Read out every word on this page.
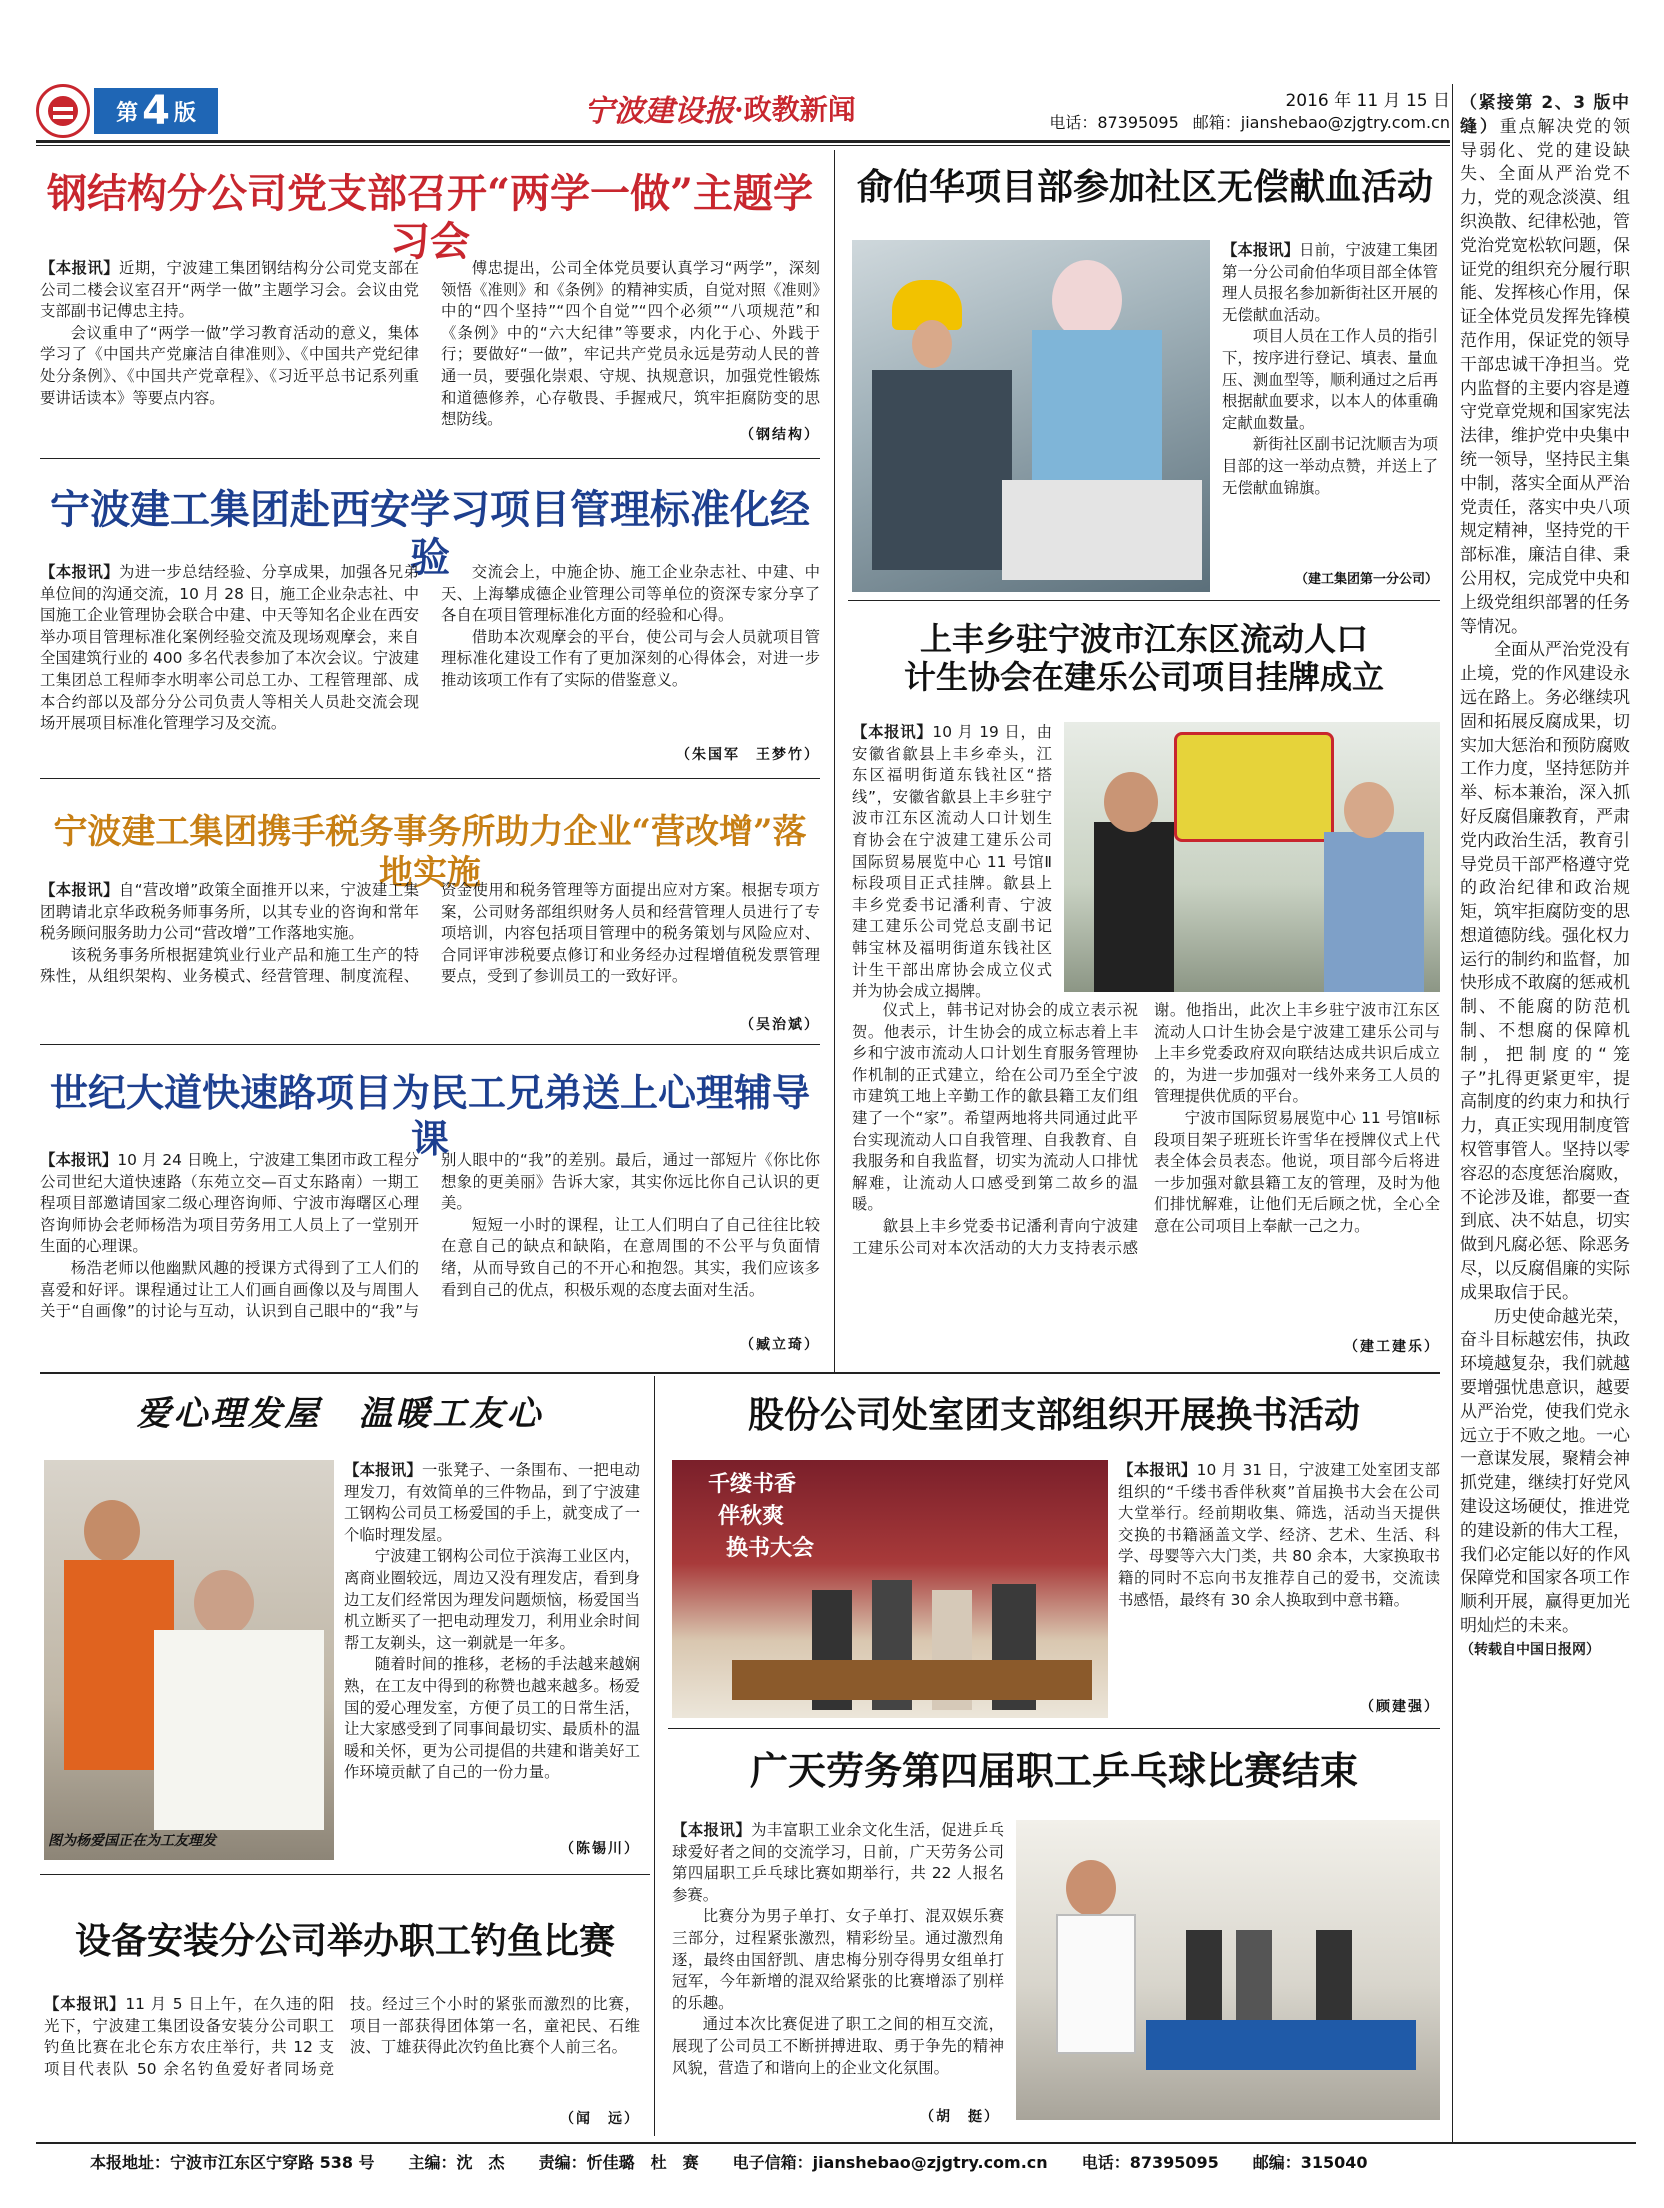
第 4 版	宁波建设报 ·政教新闻	2016 年 11 月 15 日
电话：87395095 邮箱：jianshebao@zjgtry.com.cn
钢结构分公司党支部召开“两学一做”主题学习会

【本报讯】近期，宁波建工集团钢结构分公司党支部在公司二楼会议室召开“两学一做”主题学习会。会议由党支部副书记傅忠主持。

会议重申了“两学一做”学习教育活动的意义，集体学习了《中国共产党廉洁自律准则》、《中国共产党纪律处分条例》、《中国共产党章程》、《习近平总书记系列重要讲话读本》等要点内容。

傅忠提出，公司全体党员要认真学习“两学”，深刻领悟《准则》和《条例》的精神实质，自觉对照《准则》中的“四个坚持”“四个自觉”“四个必须”“八项规范”和《条例》中的“六大纪律”等要求，内化于心、外践于行；要做好“一做”，牢记共产党员永远是劳动人民的普通一员，要强化崇艰、守规、执规意识，加强党性锻炼和道德修养，心存敬畏、手握戒尺，筑牢拒腐防变的思想防线。

（钢结构）
宁波建工集团赴西安学习项目管理标准化经验

【本报讯】为进一步总结经验、分享成果，加强各兄弟单位间的沟通交流，10 月 28 日，施工企业杂志社、中国施工企业管理协会联合中建、中天等知名企业在西安举办项目管理标准化案例经验交流及现场观摩会，来自全国建筑行业的 400 多名代表参加了本次会议。宁波建工集团总工程师李水明率公司总工办、工程管理部、成本合约部以及部分分公司负责人等相关人员赴交流会现场开展项目标准化管理学习及交流。

交流会上，中施企协、施工企业杂志社、中建、中天、上海攀成德企业管理公司等单位的资深专家分享了各自在项目管理标准化方面的经验和心得。

借助本次观摩会的平台，使公司与会人员就项目管理标准化建设工作有了更加深刻的心得体会，对进一步推动该项工作有了实际的借鉴意义。

（朱国军　王梦竹）
宁波建工集团携手税务事务所助力企业“营改增”落地实施

【本报讯】自“营改增”政策全面推开以来，宁波建工集团聘请北京华政税务师事务所，以其专业的咨询和常年税务顾问服务助力公司“营改增”工作落地实施。

该税务事务所根据建筑业行业产品和施工生产的特殊性，从组织架构、业务模式、经营管理、制度流程、资金使用和税务管理等方面提出应对方案。根据专项方案，公司财务部组织财务人员和经营管理人员进行了专项培训，内容包括项目管理中的税务策划与风险应对、合同评审涉税要点修订和业务经办过程增值税发票管理要点，受到了参训员工的一致好评。

（吴治斌）
世纪大道快速路项目为民工兄弟送上心理辅导课

【本报讯】10 月 24 日晚上，宁波建工集团市政工程分公司世纪大道快速路（东苑立交—百丈东路南）一期工程项目部邀请国家二级心理咨询师、宁波市海曙区心理咨询师协会老师杨浩为项目劳务用工人员上了一堂别开生面的心理课。

杨浩老师以他幽默风趣的授课方式得到了工人们的喜爱和好评。课程通过让工人们画自画像以及与周围人关于“自画像”的讨论与互动，认识到自己眼中的“我”与别人眼中的“我”的差别。最后，通过一部短片《你比你想象的更美丽》告诉大家，其实你远比你自己认识的更美。

短短一小时的课程，让工人们明白了自己往往比较在意自己的缺点和缺陷，在意周围的不公平与负面情绪，从而导致自己的不开心和抱怨。其实，我们应该多看到自己的优点，积极乐观的态度去面对生活。

（臧立琦）
俞伯华项目部参加社区无偿献血活动

【本报讯】日前，宁波建工集团第一分公司俞伯华项目部全体管理人员报名参加新街社区开展的无偿献血活动。

项目人员在工作人员的指引下，按序进行登记、填表、量血压、测血型等，顺利通过之后再根据献血要求，以本人的体重确定献血数量。

新街社区副书记沈顺吉为项目部的这一举动点赞，并送上了无偿献血锦旗。

（建工集团第一分公司）
上丰乡驻宁波市江东区流动人口
计生协会在建乐公司项目挂牌成立

【本报讯】10 月 19 日，由安徽省歙县上丰乡牵头，江东区福明街道东钱社区“搭线”，安徽省歙县上丰乡驻宁波市江东区流动人口计划生育协会在宁波建工建乐公司国际贸易展览中心 11 号馆Ⅱ标段项目正式挂牌。歙县上丰乡党委书记潘利青、宁波建工建乐公司党总支副书记韩宝林及福明街道东钱社区计生干部出席协会成立仪式并为协会成立揭牌。

仪式上，韩书记对协会的成立表示祝贺。他表示，计生协会的成立标志着上丰乡和宁波市流动人口计划生育服务管理协作机制的正式建立，给在公司乃至全宁波市建筑工地上辛勤工作的歙县籍工友们组建了一个“家”。希望两地将共同通过此平台实现流动人口自我管理、自我教育、自我服务和自我监督，切实为流动人口排忧解难，让流动人口感受到第二故乡的温暖。

歙县上丰乡党委书记潘利青向宁波建工建乐公司对本次活动的大力支持表示感谢。他指出，此次上丰乡驻宁波市江东区流动人口计生协会是宁波建工建乐公司与上丰乡党委政府双向联结达成共识后成立的，为进一步加强对一线外来务工人员的管理提供优质的平台。

宁波市国际贸易展览中心 11 号馆Ⅱ标段项目架子班班长许雪华在授牌仪式上代表全体会员表态。他说，项目部今后将进一步加强对歙县籍工友的管理，及时为他们排忧解难，让他们无后顾之忧，全心全意在公司项目上奉献一己之力。

（建工建乐）
爱心理发屋　温暖工友心
图为杨爱国正在为工友理发

【本报讯】一张凳子、一条围布、一把电动理发刀，有效简单的三件物品，到了宁波建工钢构公司员工杨爱国的手上，就变成了一个临时理发屋。

宁波建工钢构公司位于滨海工业区内，离商业圈较远，周边又没有理发店，看到身边工友们经常因为理发问题烦恼，杨爱国当机立断买了一把电动理发刀，利用业余时间帮工友剃头，这一剃就是一年多。

随着时间的推移，老杨的手法越来越娴熟，在工友中得到的称赞也越来越多。杨爱国的爱心理发室，方便了员工的日常生活，让大家感受到了同事间最切实、最质朴的温暖和关怀，更为公司提倡的共建和谐美好工作环境贡献了自己的一份力量。

（陈锡川）
设备安装分公司举办职工钓鱼比赛

【本报讯】11 月 5 日上午，在久违的阳光下，宁波建工集团设备安装分公司职工钓鱼比赛在北仑东方农庄举行，共 12 支项目代表队 50 余名钓鱼爱好者同场竞技。经过三个小时的紧张而激烈的比赛，项目一部获得团体第一名，童祀民、石维波、丁雄获得此次钓鱼比赛个人前三名。

（闻　远）
股份公司处室团支部组织开展换书活动
千缕书香
伴秋爽
换书大会

【本报讯】10 月 31 日，宁波建工处室团支部组织的“千缕书香伴秋爽”首届换书大会在公司大堂举行。经前期收集、筛选，活动当天提供交换的书籍涵盖文学、经济、艺术、生活、科学、母婴等六大门类，共 80 余本，大家换取书籍的同时不忘向书友推荐自己的爱书，交流读书感悟，最终有 30 余人换取到中意书籍。

（顾建强）
广天劳务第四届职工乒乓球比赛结束

【本报讯】为丰富职工业余文化生活，促进乒乓球爱好者之间的交流学习，日前，广天劳务公司第四届职工乒乓球比赛如期举行，共 22 人报名参赛。

比赛分为男子单打、女子单打、混双娱乐赛三部分，过程紧张激烈，精彩纷呈。通过激烈角逐，最终由国舒凯、唐忠梅分别夺得男女组单打冠军，今年新增的混双给紧张的比赛增添了别样的乐趣。

通过本次比赛促进了职工之间的相互交流，展现了公司员工不断拼搏进取、勇于争先的精神风貌，营造了和谐向上的企业文化氛围。

（胡　挺）

（紧接第 2、3 版中缝）重点解决党的领导弱化、党的建设缺失、全面从严治党不力，党的观念淡漠、组织涣散、纪律松弛，管党治党宽松软问题，保证党的组织充分履行职能、发挥核心作用，保证全体党员发挥先锋模范作用，保证党的领导干部忠诚干净担当。党内监督的主要内容是遵守党章党规和国家宪法法律，维护党中央集中统一领导，坚持民主集中制，落实全面从严治党责任，落实中央八项规定精神，坚持党的干部标准，廉洁自律、秉公用权，完成党中央和上级党组织部署的任务等情况。

全面从严治党没有止境，党的作风建设永远在路上。务必继续巩固和拓展反腐成果，切实加大惩治和预防腐败工作力度，坚持惩防并举、标本兼治，深入抓好反腐倡廉教育，严肃党内政治生活，教育引导党员干部严格遵守党的政治纪律和政治规矩，筑牢拒腐防变的思想道德防线。强化权力运行的制约和监督，加快形成不敢腐的惩戒机制、不能腐的防范机制、不想腐的保障机制，把制度的“笼子”扎得更紧更牢，提高制度的约束力和执行力，真正实现用制度管权管事管人。坚持以零容忍的态度惩治腐败，不论涉及谁，都要一查到底、决不姑息，切实做到凡腐必惩、除恶务尽，以反腐倡廉的实际成果取信于民。

历史使命越光荣，奋斗目标越宏伟，执政环境越复杂，我们就越要增强忧患意识，越要从严治党，使我们党永远立于不败之地。一心一意谋发展，聚精会神抓党建，继续打好党风建设这场硬仗，推进党的建设新的伟大工程，我们必定能以好的作风保障党和国家各项工作顺利开展，赢得更加光明灿烂的未来。

（转载自中国日报网）

本报地址：宁波市江东区宁穿路 538 号 主编：沈　杰 责编：忻佳璐　杜　赛 电子信箱：jianshebao@zjgtry.com.cn 电话：87395095 邮编：315040
